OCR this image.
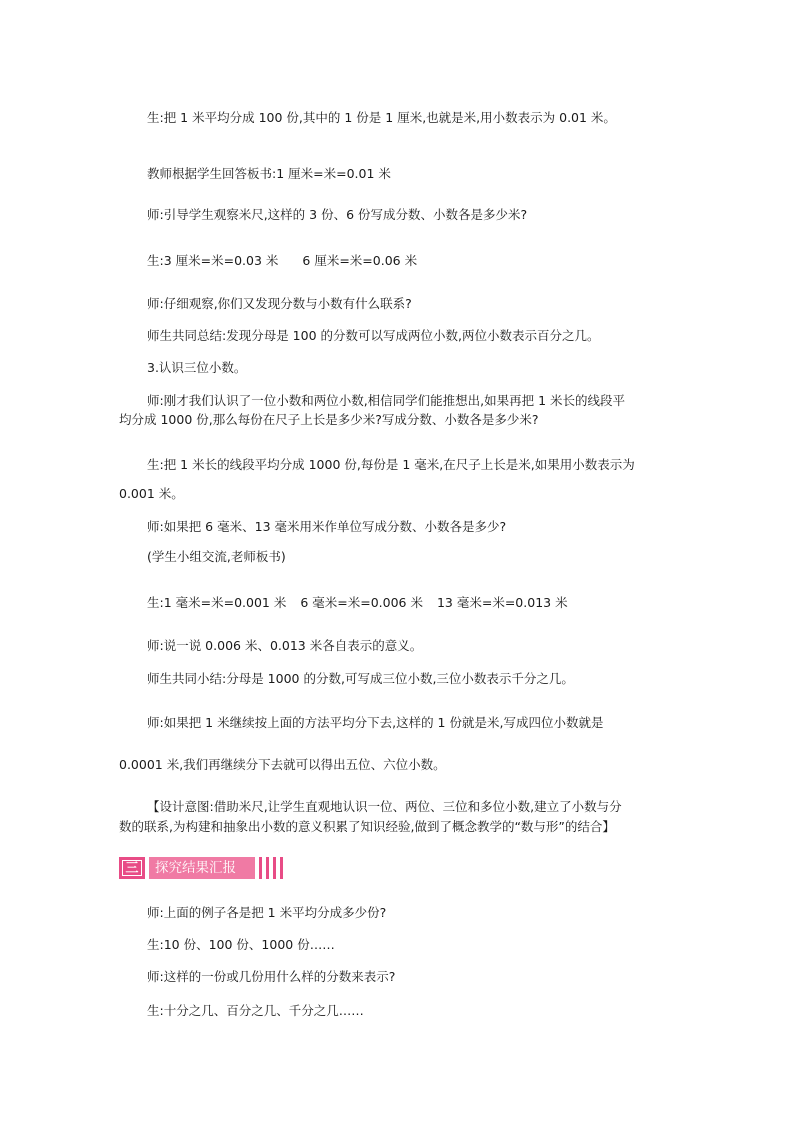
生:把 1 米平均分成 100 份,其中的 1 份是 1 厘米,也就是米,用小数表示为 0.01 米。
教师根据学生回答板书:1 厘米=米=0.01 米
师:引导学生观察米尺,这样的 3 份、6 份写成分数、小数各是多少米?
生:3 厘米=米=0.03 米 6 厘米=米=0.06 米
师:仔细观察,你们又发现分数与小数有什么联系?
师生共同总结:发现分母是 100 的分数可以写成两位小数,两位小数表示百分之几。
3.认识三位小数。
师:刚才我们认识了一位小数和两位小数,相信同学们能推想出,如果再把 1 米长的线段平
均分成 1000 份,那么每份在尺子上长是多少米?写成分数、小数各是多少米?
生:把 1 米长的线段平均分成 1000 份,每份是 1 毫米,在尺子上长是米,如果用小数表示为
0.001 米。
师:如果把 6 毫米、13 毫米用米作单位写成分数、小数各是多少?
(学生小组交流,老师板书)
生:1 毫米=米=0.001 米 6 毫米=米=0.006 米 13 毫米=米=0.013 米
师:说一说 0.006 米、0.013 米各自表示的意义。
师生共同小结:分母是 1000 的分数,可写成三位小数,三位小数表示千分之几。
师:如果把 1 米继续按上面的方法平均分下去,这样的 1 份就是米,写成四位小数就是
0.0001 米,我们再继续分下去就可以得出五位、六位小数。
【设计意图:借助米尺,让学生直观地认识一位、两位、三位和多位小数,建立了小数与分
数的联系,为构建和抽象出小数的意义积累了知识经验,做到了概念教学的“数与形”的结合】
三	探究结果汇报
师:上面的例子各是把 1 米平均分成多少份?
生:10 份、100 份、1000 份……
师:这样的一份或几份用什么样的分数来表示?
生:十分之几、百分之几、千分之几……
